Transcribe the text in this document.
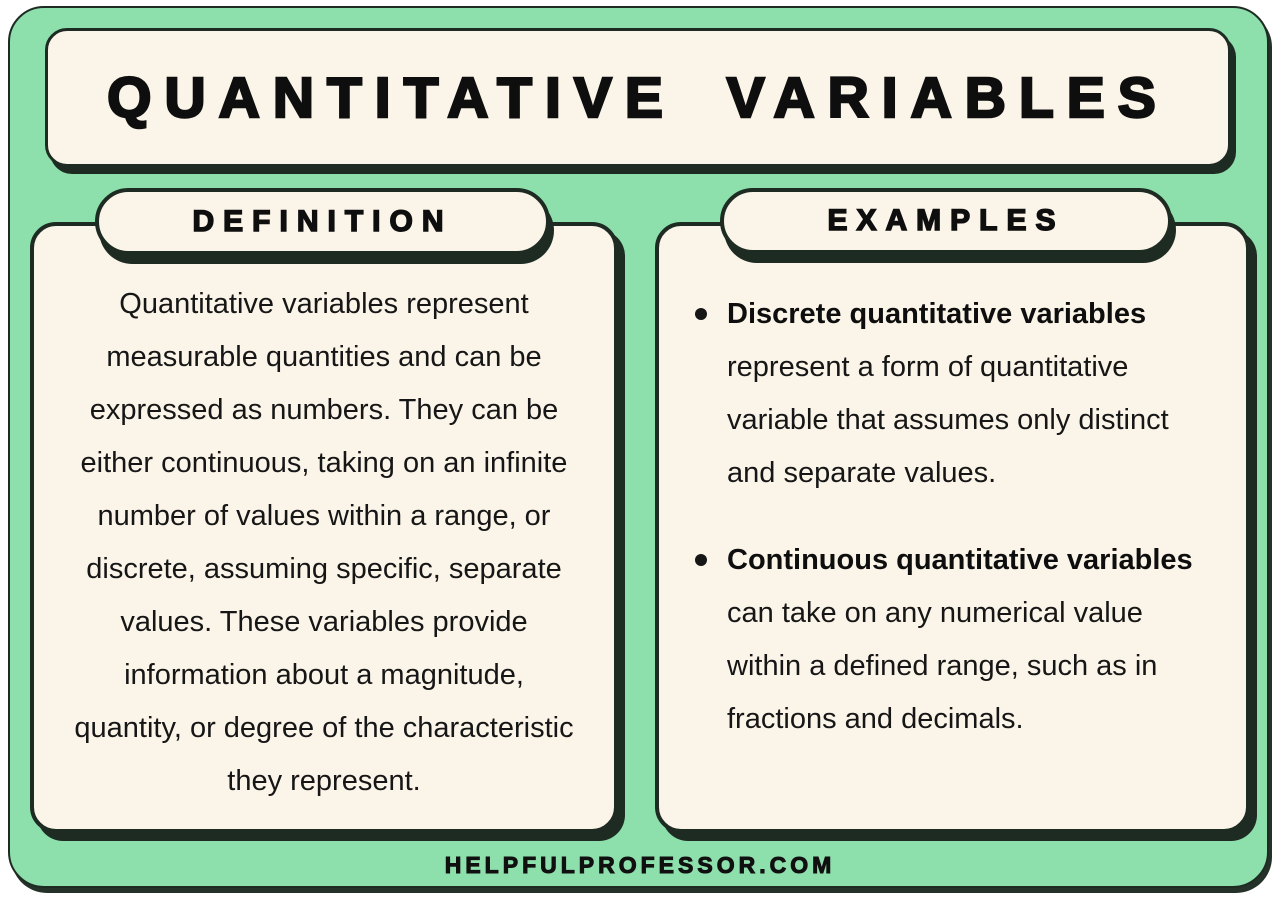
QUANTITATIVE VARIABLES
DEFINITION

Quantitative variables represent measurable quantities and can be expressed as numbers. They can be either continuous, taking on an infinite number of values within a range, or discrete, assuming specific, separate values. These variables provide information about a magnitude, quantity, or degree of the characteristic they represent.

EXAMPLES
Discrete quantitative variables represent a form of quantitative variable that assumes only distinct and separate values.
Continuous quantitative variables can take on any numerical value within a defined range, such as in fractions and decimals.
HELPFULPROFESSOR.COM
